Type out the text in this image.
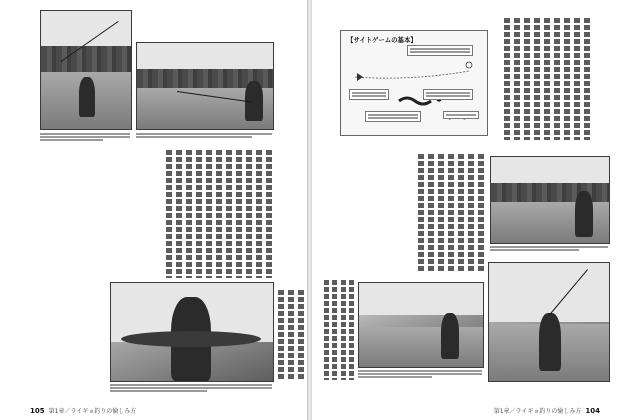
105 第1章／ライギョ釣りの愉しみ方
【サイトゲームの基本】
第1章／ライギョ釣りの愉しみ方 104
